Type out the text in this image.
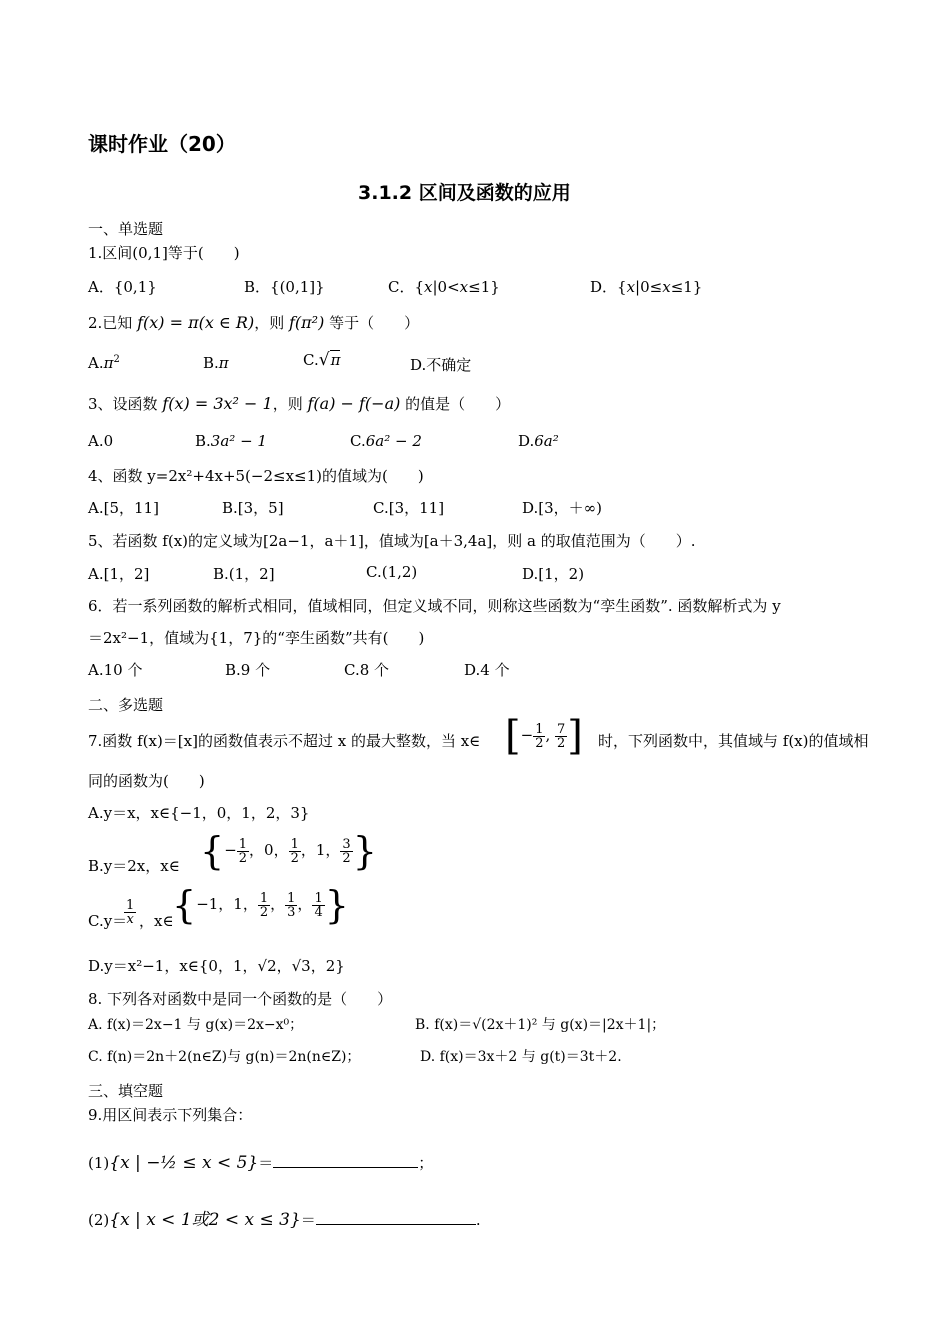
课时作业（20）
3.1.2 区间及函数的应用
一、单选题
1.区间(0,1]等于(　　)
A．{0,1}	B．{(0,1]}	C．{x|0<x≤1}	D．{x|0≤x≤1}
2.已知 f(x) = π(x ∈ R)，则 f(π²) 等于（　　）
$A.\pi^2$	B.π	C.√π	D.不确定
3、设函数 f(x) = 3x² − 1，则 f(a) − f(−a) 的值是（　　）
A.0	B.3a² − 1	C.6a² − 2	D.6a²
4、函数 y=2x²+4x+5(−2≤x≤1)的值域为(　　)
A.[5，11]	B.[3，5]	C.[3，11]	D.[3，＋∞)
5、若函数 f(x)的定义域为[2a−1，a＋1]，值域为[a＋3,4a]，则 a 的取值范围为（　　）.
A.[1，2]	B.(1，2]	C.(1,2)	D.[1，2)
6．若一系列函数的解析式相同，值域相同，但定义域不同，则称这些函数为“孪生函数”. 函数解析式为 y
＝2x²−1，值域为{1，7}的“孪生函数”共有(　　)
A.10 个	B.9 个	C.8 个	D.4 个
二、多选题
7.函数 f(x)＝[x]的函数值表示不超过 x 的最大整数，当 x∈ [− $\frac{1}{2}$ , $\frac{7}{2}$ ] 时，下列函数中，其值域与 f(x)的值域相
同的函数为(　　)
A.y＝x，x∈{−1，0，1，2，3}
B.y＝2x，x∈ {− $\frac{1}{2}$ ，0， $\frac{1}{2}$ ，1， $\frac{3}{2}$ }
C.y＝
$\frac{1}{x}$ ，x∈
{−1，1， $\frac{1}{2}$ ， $\frac{1}{3}$ ， $\frac{1}{4}$ }
D.y＝x²−1，x∈{0，1，√2，√3，2}
8. 下列各对函数中是同一个函数的是（　　）
A. f(x)＝2x−1 与 g(x)＝2x−x⁰；	B. f(x)＝√(2x＋1)² 与 g(x)＝|2x＋1|；
C. f(n)＝2n＋2(n∈Z)与 g(n)＝2n(n∈Z)；	D. f(x)＝3x＋2 与 g(t)＝3t＋2.
三、填空题
9.用区间表示下列集合：
(1){x | −½ ≤ x < 5}＝	；
(2){x | x < 1或2 < x ≤ 3}＝	.
